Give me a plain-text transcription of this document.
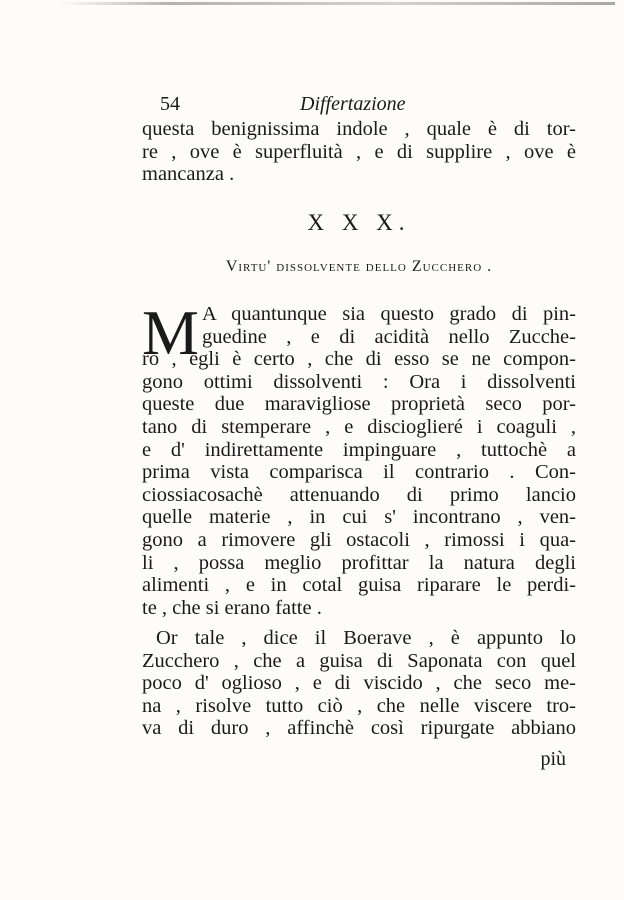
54	Differtazione
questa benignissima indole , quale è di tor-
re , ove è superfluità , e di supplire , ove è
mancanza .
X X X.
Virtu' dissolvente dello Zucchero .
M A quantunque sia questo grado di pin-
guedine , e di acidità nello Zucche-
ro , egli è certo , che di esso se ne compon-
gono ottimi dissolventi : Ora i dissolventi
queste due maravigliose proprietà seco por-
tano di stemperare , e discioglieré i coaguli ,
e d' indirettamente impinguare , tuttochè a
prima vista comparisca il contrario . Con-
ciossiacosachè attenuando di primo lancio
quelle materie , in cui s' incontrano , ven-
gono a rimovere gli ostacoli , rimossi i qua-
li , possa meglio profittar la natura degli
alimenti , e in cotal guisa riparare le perdi-
te , che si erano fatte .
Or tale , dice il Boerave , è appunto lo
Zucchero , che a guisa di Saponata con quel
poco d' oglioso , e di viscido , che seco me-
na , risolve tutto ciò , che nelle viscere tro-
va di duro , affinchè così ripurgate abbiano
più
